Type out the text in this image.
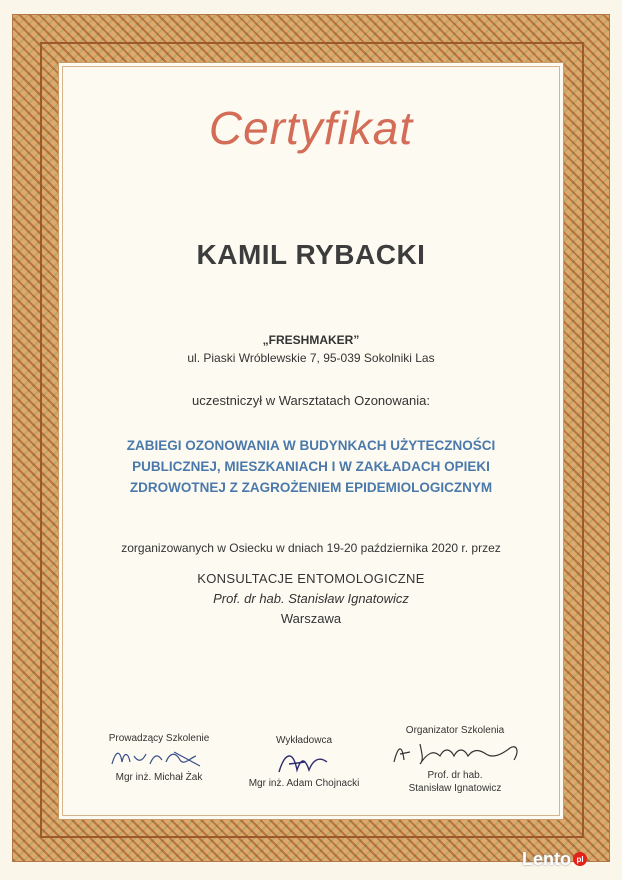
Certyfikat
KAMIL RYBACKI
„FRESHMAKER”
ul. Piaski Wróblewskie 7, 95-039 Sokolniki Las
uczestniczył w Warsztatach Ozonowania:
ZABIEGI OZONOWANIA W BUDYNKACH UŻYTECZNOŚCI
PUBLICZNEJ, MIESZKANIACH I W ZAKŁADACH OPIEKI
ZDROWOTNEJ Z ZAGROŻENIEM EPIDEMIOLOGICZNYM
zorganizowanych w Osiecku w dniach 19-20 października 2020 r. przez
KONSULTACJE ENTOMOLOGICZNE
Prof. dr hab. Stanisław Ignatowicz
Warszawa
Prowadzący Szkolenie
Mgr inż. Michał Żak
Wykładowca
Mgr inż. Adam Chojnacki
Organizator Szkolenia
Prof. dr hab.
Stanisław Ignatowicz
Lento pl
